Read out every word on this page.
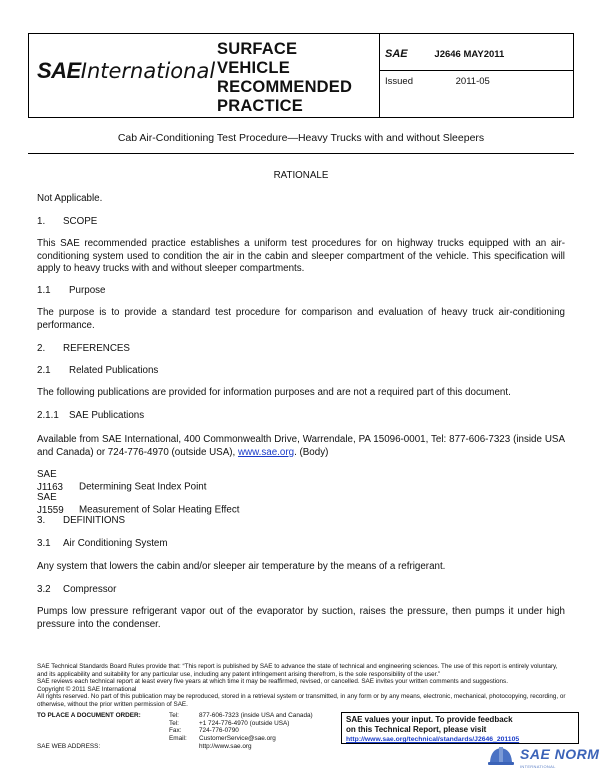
SAEInternational
SURFACE
VEHICLE
RECOMMENDED
PRACTICE
SAE	J2646 MAY2011
Issued	2011-05
Cab Air-Conditioning Test Procedure—Heavy Trucks with and without Sleepers
RATIONALE
Not Applicable.
1. SCOPE
This SAE recommended practice establishes a uniform test procedures for on highway trucks equipped with an air-conditioning system used to condition the air in the cabin and sleeper compartment of the vehicle. This specification will apply to heavy trucks with and without sleeper compartments.
1.1 Purpose
The purpose is to provide a standard test procedure for comparison and evaluation of heavy truck air-conditioning performance.
2. REFERENCES
2.1 Related Publications
The following publications are provided for information purposes and are not a required part of this document.
2.1.1 SAE Publications
Available from SAE International, 400 Commonwealth Drive, Warrendale, PA 15096-0001, Tel: 877-606-7323 (inside USA and Canada) or 724-776-4970 (outside USA), www.sae.org. (Body)
SAE J1163 Determining Seat Index Point
SAE J1559 Measurement of Solar Heating Effect
3. DEFINITIONS
3.1 Air Conditioning System
Any system that lowers the cabin and/or sleeper air temperature by the means of a refrigerant.
3.2 Compressor
Pumps low pressure refrigerant vapor out of the evaporator by suction, raises the pressure, then pumps it under high pressure into the condenser.
SAE Technical Standards Board Rules provide that: “This report is published by SAE to advance the state of technical and engineering sciences. The use of this report is entirely voluntary, and its applicability and suitability for any particular use, including any patent infringement arising therefrom, is the sole responsibility of the user.”
SAE reviews each technical report at least every five years at which time it may be reaffirmed, revised, or cancelled. SAE invites your written comments and suggestions.
Copyright © 2011 SAE International
All rights reserved. No part of this publication may be reproduced, stored in a retrieval system or transmitted, in any form or by any means, electronic, mechanical, photocopying, recording, or otherwise, without the prior written permission of SAE.
TO PLACE A DOCUMENT ORDER:	Tel:	877-606-7323 (inside USA and Canada)
Tel:	+1 724-776-4970 (outside USA)
Fax:	724-776-0790
Email: CustomerService@sae.org
SAE WEB ADDRESS:	http://www.sae.org
SAE values your input. To provide feedback
on this Technical Report, please visit
http://www.sae.org/technical/standards/J2646_201105
SAE NORM
INTERNATIONAL
